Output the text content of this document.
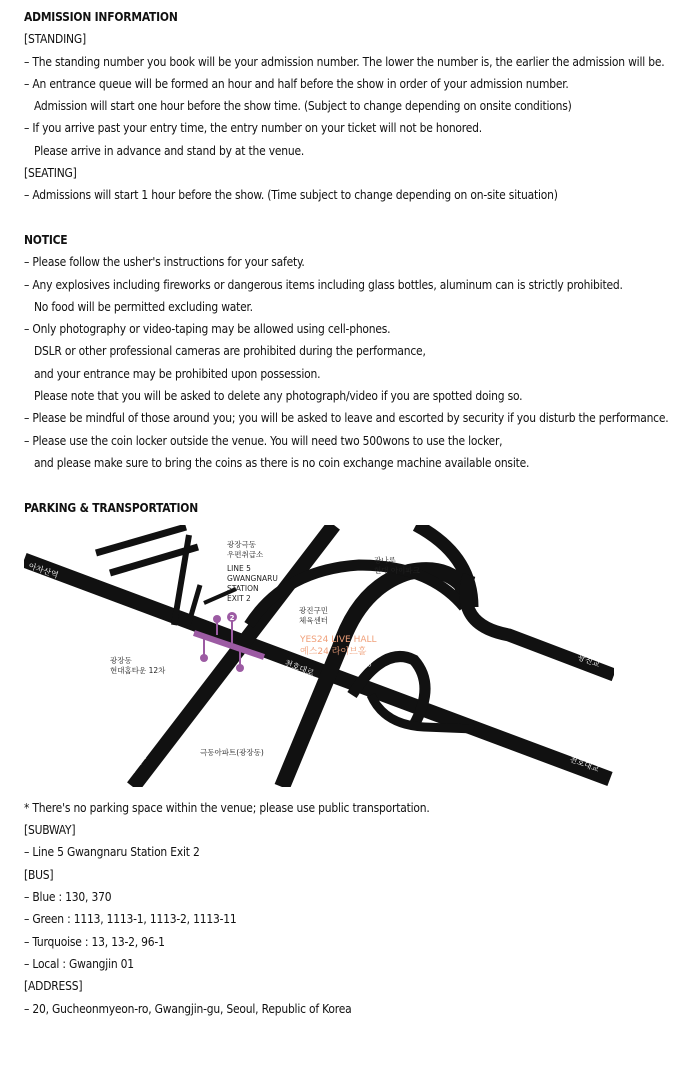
ADMISSION INFORMATION
[STANDING]
– The standing number you book will be your admission number. The lower the number is, the earlier the admission will be.
– An entrance queue will be formed an hour and half before the show in order of your admission number.
Admission will start one hour before the show time. (Subject to change depending on onsite conditions)
– If you arrive past your entry time, the entry number on your ticket will not be honored.
Please arrive in advance and stand by at the venue.
[SEATING]
– Admissions will start 1 hour before the show. (Time subject to change depending on on-site situation)
NOTICE
– Please follow the usher's instructions for your safety.
– Any explosives including fireworks or dangerous items including glass bottles, aluminum can is strictly prohibited.
No food will be permitted excluding water.
– Only photography or video-taping may be allowed using cell-phones.
DSLR or other professional cameras are prohibited during the performance,
and your entrance may be prohibited upon possession.
Please note that you will be asked to delete any photograph/video if you are spotted doing so.
– Please be mindful of those around you; you will be asked to leave and escorted by security if you disturb the performance.
– Please use the coin locker outside the venue. You will need two 500wons to use the locker,
and please make sure to bring the coins as there is no coin exchange machine available onsite.
PARKING & TRANSPORTATION
아차산역
구의역
천호대로	강변북로	광진교
천호대교
2
광장극동
우편취급소
LINE 5
GWANGNARU
STATION
EXIT 2
광나루
현대 아이파크
광진구민
체육센터
광장동
현대홈타운 12차
극동아파트(광장동)
YES24 LIVE HALL
예스24 라이브홀
* There's no parking space within the venue; please use public transportation.
[SUBWAY]
– Line 5 Gwangnaru Station Exit 2
[BUS]
– Blue : 130, 370
– Green : 1113, 1113-1, 1113-2, 1113-11
– Turquoise : 13, 13-2, 96-1
– Local : Gwangjin 01
[ADDRESS]
– 20, Gucheonmyeon-ro, Gwangjin-gu, Seoul, Republic of Korea
